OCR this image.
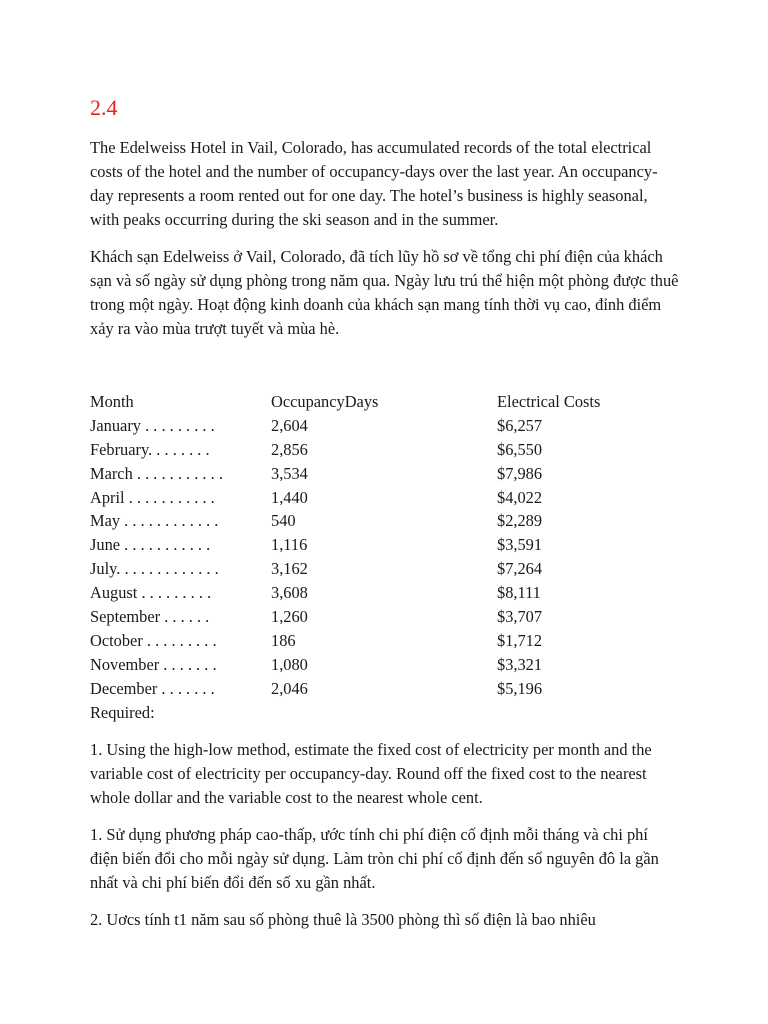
2.4

The Edelweiss Hotel in Vail, Colorado, has accumulated records of the total electrical costs of the hotel and the number of occupancy-days over the last year. An occupancy-day represents a room rented out for one day. The hotel’s business is highly seasonal, with peaks occurring during the ski season and in the summer.

Khách sạn Edelweiss ở Vail, Colorado, đã tích lũy hồ sơ về tổng chi phí điện của khách sạn và số ngày sử dụng phòng trong năm qua. Ngày lưu trú thể hiện một phòng được thuê trong một ngày. Hoạt động kinh doanh của khách sạn mang tính thời vụ cao, đỉnh điểm xảy ra vào mùa trượt tuyết và mùa hè.

Month	OccupancyDays	Electrical Costs
January . . . . . . . . .	2,604	$6,257
February. . . . . . . .	2,856	$6,550
March . . . . . . . . . . .	3,534	$7,986
April . . . . . . . . . . .	1,440	$4,022
May . . . . . . . . . . . .	540	$2,289
June . . . . . . . . . . .	1,116	$3,591
July. . . . . . . . . . . . .	3,162	$7,264
August . . . . . . . . .	3,608	$8,111
September . . . . . .	1,260	$3,707
October . . . . . . . . .	186	$1,712
November . . . . . . .	1,080	$3,321
December . . . . . . .	2,046	$5,196
Required:

1. Using the high-low method, estimate the fixed cost of electricity per month and the variable cost of electricity per occupancy-day. Round off the fixed cost to the nearest whole dollar and the variable cost to the nearest whole cent.

1. Sử dụng phương pháp cao-thấp, ước tính chi phí điện cố định mỗi tháng và chi phí điện biến đổi cho mỗi ngày sử dụng. Làm tròn chi phí cố định đến số nguyên đô la gần nhất và chi phí biến đổi đến số xu gần nhất.

2. Uơcs tính t1 năm sau số phòng thuê là 3500 phòng thì số điện là bao nhiêu
